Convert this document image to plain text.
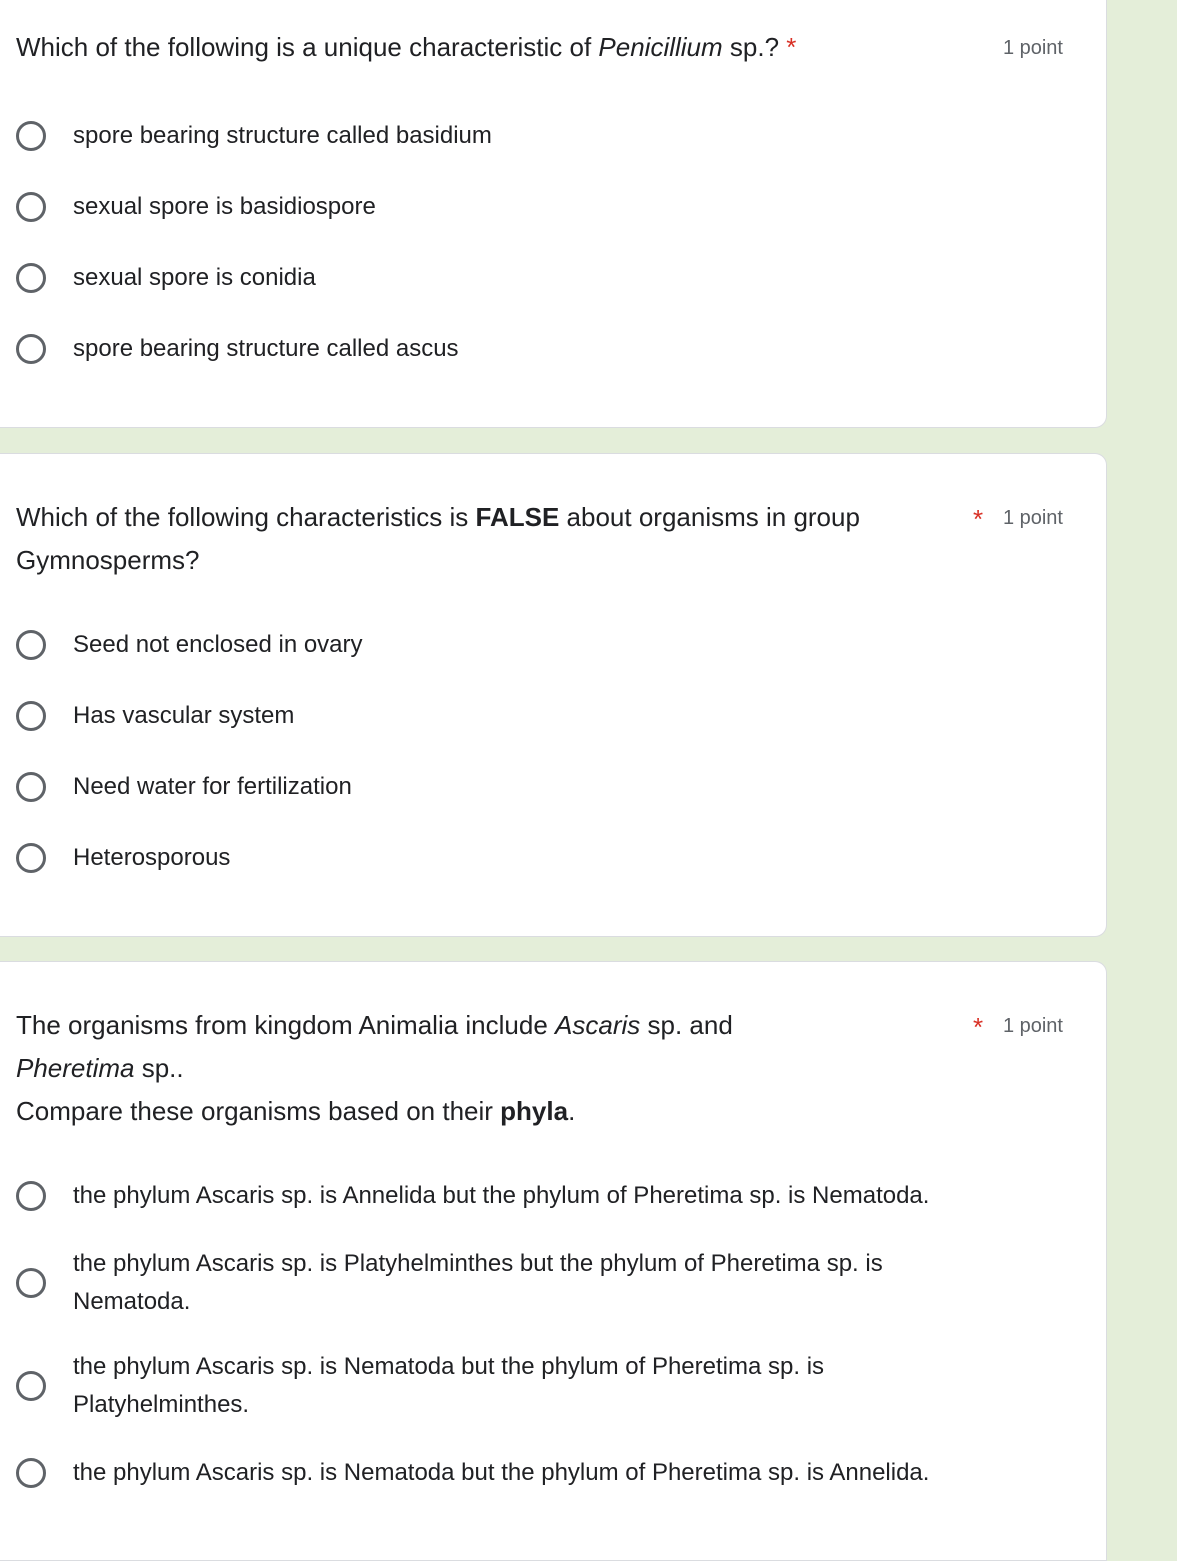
Which of the following is a unique characteristic of Penicillium sp.? *	1 point
spore bearing structure called basidium
sexual spore is basidiospore
sexual spore is conidia
spore bearing structure called ascus
Which of the following characteristics is FALSE about organisms in group
Gymnosperms?
* 1 point
Seed not enclosed in ovary
Has vascular system
Need water for fertilization
Heterosporous
The organisms from kingdom Animalia include Ascaris sp. and
Pheretima sp..
Compare these organisms based on their phyla.
* 1 point
the phylum Ascaris sp. is Annelida but the phylum of Pheretima sp. is Nematoda.
the phylum Ascaris sp. is Platyhelminthes but the phylum of Pheretima sp. is
Nematoda.
the phylum Ascaris sp. is Nematoda but the phylum of Pheretima sp. is
Platyhelminthes.
the phylum Ascaris sp. is Nematoda but the phylum of Pheretima sp. is Annelida.
